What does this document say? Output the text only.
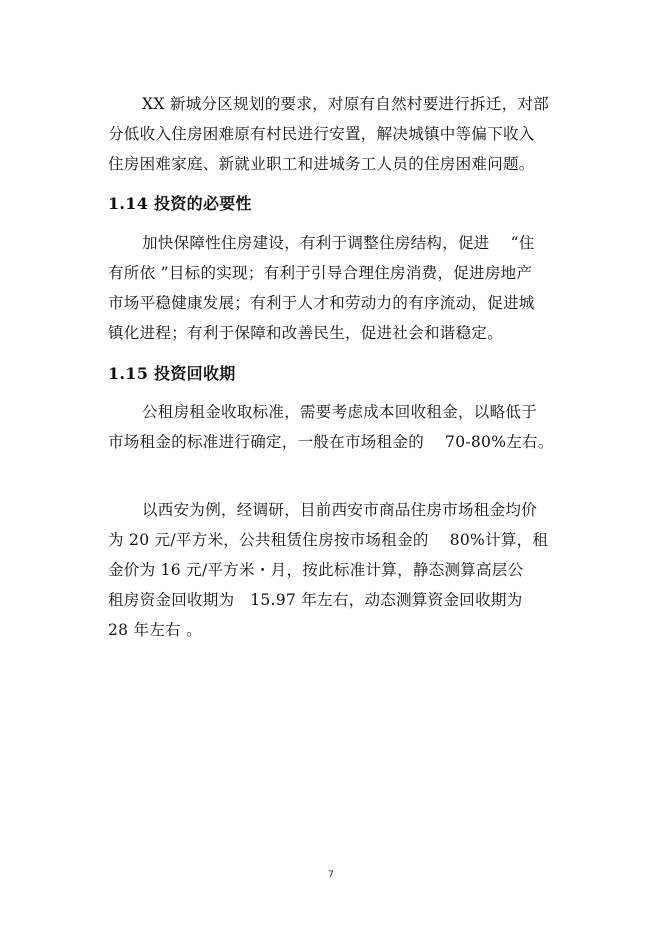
XX 新城分区规划的要求，对原有自然村要进行拆迁，对部
分低收入住房困难原有村民进行安置，解决城镇中等偏下收入
住房困难家庭、新就业职工和进城务工人员的住房困难问题。
1.14 投资的必要性
加快保障性住房建设，有利于调整住房结构，促进　 “住
有所依 ”目标的实现；有利于引导合理住房消费，促进房地产
市场平稳健康发展；有利于人才和劳动力的有序流动，促进城
镇化进程；有利于保障和改善民生，促进社会和谐稳定。
1.15 投资回收期
公租房租金收取标准，需要考虑成本回收租金，以略低于
市场租金的标准进行确定，一般在市场租金的　 70-80%左右。
以西安为例，经调研，目前西安市商品住房市场租金均价
为 20 元/平方米，公共租赁住房按市场租金的　 80%计算，租
金价为 16 元/平方米・月，按此标准计算，静态测算高层公
租房资金回收期为　15.97 年左右，动态测算资金回收期为
28 年左右 。
7
